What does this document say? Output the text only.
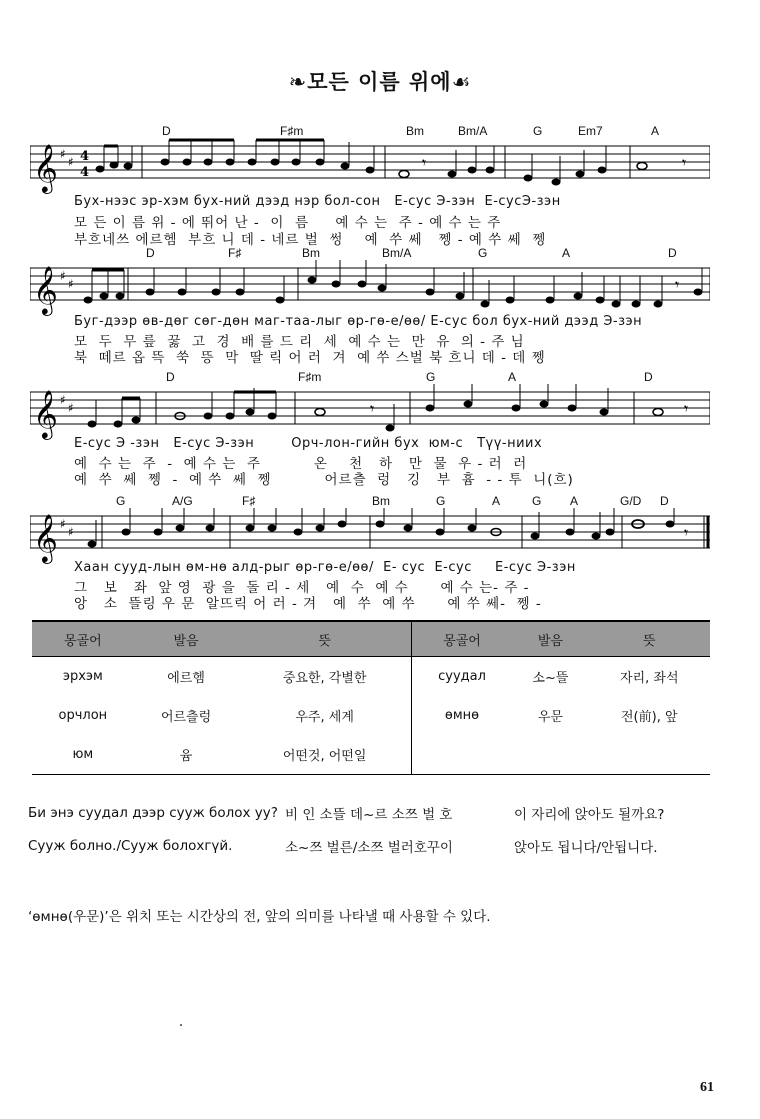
❧모든 이름 위에☙
D	F♯m	Bm	Bm/A	G	Em7	A
𝄞 ♯
♯ 4
4
𝄾	𝄾
Бух-нээс эр-хэм бух-ний дээд нэр бол-сон   Е-сус Э-зэн  Е-сусЭ-зэн
모 든 이 름 위 - 에 뛰어 난 -  이  름     예 수 는  주 - 예 수 는 주
부흐네쓰 에르헴  부흐 니 데 - 네르 벌  썽    예  쑤 쎄   쩽 - 예 쑤 쎄  쩽
D	F♯	Bm	Bm/A	G	A	D
𝄞 ♯
♯	𝄾
Буг-дээр өв-дөг сөг-дөн маг-таа-лыг өр-гө-е/өө/ Е-сус бол бух-ний дээд Э-зэн
모  두  무 릎  꿇  고  경  배 를 드 리  세  예 수 는  만  유  의 - 주 님
북  떼르 옵 뜩  쑥  뜽  막  딸 릭 어 러  겨  예 쑤 스벌 북 흐니 데 - 데 쩽
D	F♯m	G	A	D
𝄞 ♯
♯	𝄾	𝄾
Е-сус Э -зэн   Е-сус Э-зэн        Орч-лон-гийн бух  юм-с   Түү-ниих
예  수 는  주  -  예 수 는  주          온    천   하   만  물  우 - 러  러
예  쑤  쎄  쩽  -  예 쑤  쎄  쩽          어르츨  렁   깅   부  흄  - - 투  니(흐)
G	A/G	F♯	Bm	G	A	G A	G/D D
𝄞 ♯
♯	𝄾
Хаан сууд-лын өм-нө алд-рыг өр-гө-е/өө/  Е- сус  Е-сус     Е-сус Э-зэн
그   보   좌  앞 영  광 을  돌 리 - 세   예  수  예 수      예 수 는- 주 -
앙   소  뜰링 우 문  알뜨릭 어 러 - 겨   예  쑤  예 쑤      예 쑤 쎄-  쩽 -
몽골어	발음	뜻	몽골어	발음	뜻
эрхэм	에르헴	중요한, 각별한	суудал	소~뜰	자리, 좌석
орчлон	어르츨렁	우주, 세계	өмнө	우문	전(前), 앞
юм	윰	어떤것, 어떤일			
Би энэ суудал дээр сууж болох уу? 비 인 소뜰 데~르 소쯔 벌 호	이 자리에 앉아도 될까요?
Сууж болно./Сууж болохгүй.	소~쯔 벌른/소쯔 벌러호꾸이	앉아도 됩니다/안됩니다.
‘өмнө(우문)’은 위치 또는 시간상의 전, 앞의 의미를 나타낼 때 사용할 수 있다.
61
